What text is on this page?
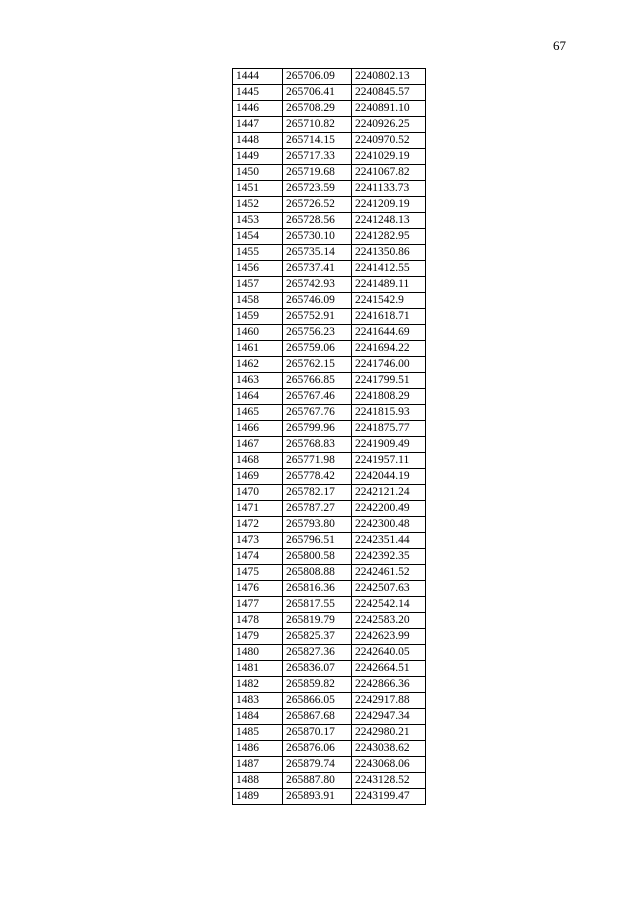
67
1444	265706.09	2240802.13
1445	265706.41	2240845.57
1446	265708.29	2240891.10
1447	265710.82	2240926.25
1448	265714.15	2240970.52
1449	265717.33	2241029.19
1450	265719.68	2241067.82
1451	265723.59	2241133.73
1452	265726.52	2241209.19
1453	265728.56	2241248.13
1454	265730.10	2241282.95
1455	265735.14	2241350.86
1456	265737.41	2241412.55
1457	265742.93	2241489.11
1458	265746.09	2241542.9
1459	265752.91	2241618.71
1460	265756.23	2241644.69
1461	265759.06	2241694.22
1462	265762.15	2241746.00
1463	265766.85	2241799.51
1464	265767.46	2241808.29
1465	265767.76	2241815.93
1466	265799.96	2241875.77
1467	265768.83	2241909.49
1468	265771.98	2241957.11
1469	265778.42	2242044.19
1470	265782.17	2242121.24
1471	265787.27	2242200.49
1472	265793.80	2242300.48
1473	265796.51	2242351.44
1474	265800.58	2242392.35
1475	265808.88	2242461.52
1476	265816.36	2242507.63
1477	265817.55	2242542.14
1478	265819.79	2242583.20
1479	265825.37	2242623.99
1480	265827.36	2242640.05
1481	265836.07	2242664.51
1482	265859.82	2242866.36
1483	265866.05	2242917.88
1484	265867.68	2242947.34
1485	265870.17	2242980.21
1486	265876.06	2243038.62
1487	265879.74	2243068.06
1488	265887.80	2243128.52
1489	265893.91	2243199.47
